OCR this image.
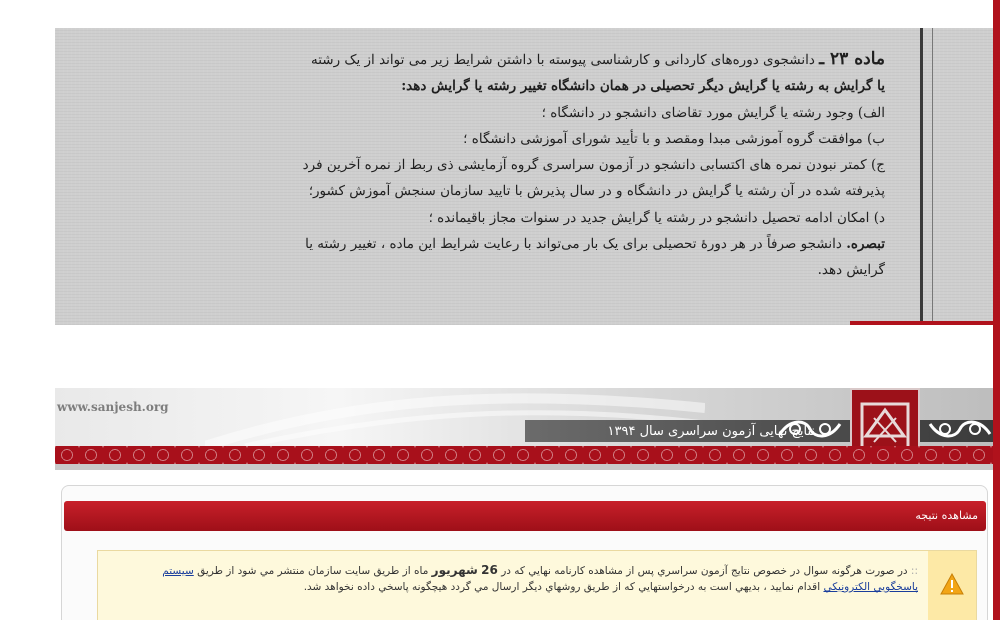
ماده ۲۳ ـ دانشجوی دوره‌های کاردانی و کارشناسی پیوسته با داشتن شرایط زیر می تواند از یک رشته

یا گرایش به رشته یا گرایش دیگر تحصیلی در همان دانشگاه تغییر رشته یا گرایش دهد:

الف) وجود رشته یا گرایش مورد تقاضای دانشجو در دانشگاه ؛

ب) موافقت گروه آموزشی مبدا ومقصد و با تأیید شورای آموزشی دانشگاه ؛

ج) کمتر نبودن نمره های اکتسابی دانشجو در آزمون سراسری گروه آزمایشی ذی ربط از نمره آخرین فرد

پذیرفته شده در آن رشته یا گرایش در دانشگاه و در سال پذیرش با تایید سازمان سنجش آموزش کشور؛

د) امکان ادامه تحصیل دانشجو در رشته یا گرایش جدید در سنوات مجاز باقیمانده ؛

تبصره. دانشجو صرفاً در هر دورهٔ تحصیلی برای یک بار می‌تواند با رعایت شرایط این ماده ، تغییر رشته یا

گرایش دهد.

www.sanjesh.org
نتایج نهایی آزمون سراسری سال ۱۳۹۴
مشاهده نتیجه
:: در صورت هرگونه سوال در خصوص نتایج آزمون سراسري پس از مشاهده کارنامه نهایي که در 26 شهریور ماه از طریق سایت سازمان منتشر مي شود از طریق سیستم پاسخگویي الکترونیکي اقدام نمایید ، بدیهي است به درخواستهایي که از طریق روشهاي دیگر ارسال مي گردد هیچگونه پاسخي داده نخواهد شد.
